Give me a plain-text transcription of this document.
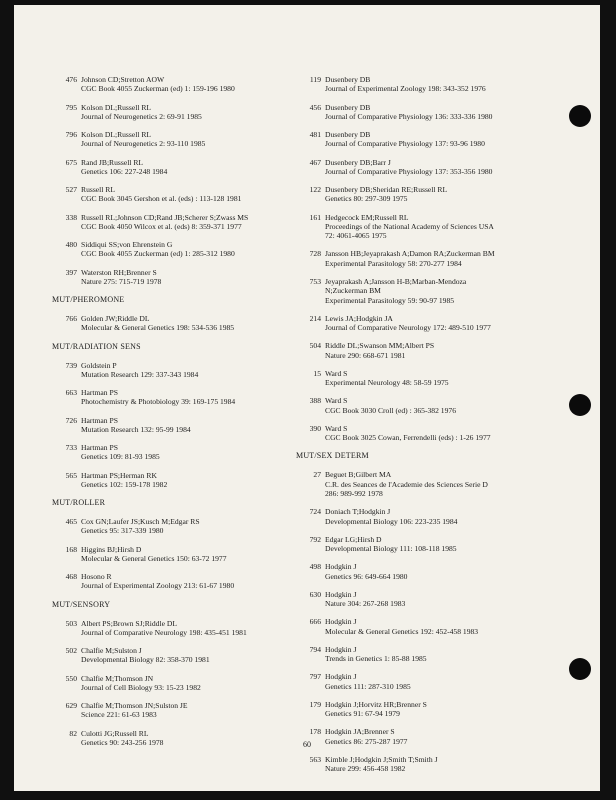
476 Johnson CD;Stretton AOW
CGC Book 4055 Zuckerman (ed) 1: 159-196 1980
795 Kolson DL;Russell RL
Journal of Neurogenetics 2: 69-91 1985
796 Kolson DL;Russell RL
Journal of Neurogenetics 2: 93-110 1985
675 Rand JB;Russell RL
Genetics 106: 227-248 1984
527 Russell RL
CGC Book 3045 Gershon et al. (eds) : 113-128 1981
338 Russell RL;Johnson CD;Rand JB;Scherer S;Zwass MS
CGC Book 4050 Wilcox et al. (eds) 8: 359-371 1977
480 Siddiqui SS;von Ehrenstein G
CGC Book 4055 Zuckerman (ed) 1: 285-312 1980
397 Waterston RH;Brenner S
Nature 275: 715-719 1978
MUT/PHEROMONE
766 Golden JW;Riddle DL
Molecular & General Genetics 198: 534-536 1985
MUT/RADIATION SENS
739 Goldstein P
Mutation Research 129: 337-343 1984
663 Hartman PS
Photochemistry & Photobiology 39: 169-175 1984
726 Hartman PS
Mutation Research 132: 95-99 1984
733 Hartman PS
Genetics 109: 81-93 1985
565 Hartman PS;Herman RK
Genetics 102: 159-178 1982
MUT/ROLLER
465 Cox GN;Laufer JS;Kusch M;Edgar RS
Genetics 95: 317-339 1980
168 Higgins BJ;Hirsh D
Molecular & General Genetics 150: 63-72 1977
468 Hosono R
Journal of Experimental Zoology 213: 61-67 1980
MUT/SENSORY
503 Albert PS;Brown SJ;Riddle DL
Journal of Comparative Neurology 198: 435-451 1981
502 Chalfie M;Sulston J
Developmental Biology 82: 358-370 1981
550 Chalfie M;Thomson JN
Journal of Cell Biology 93: 15-23 1982
629 Chalfie M;Thomson JN;Sulston JE
Science 221: 61-63 1983
82 Culotti JG;Russell RL
Genetics 90: 243-256 1978
119 Dusenbery DB
Journal of Experimental Zoology 198: 343-352 1976
456 Dusenbery DB
Journal of Comparative Physiology 136: 333-336 1980
481 Dusenbery DB
Journal of Comparative Physiology 137: 93-96 1980
467 Dusenbery DB;Barr J
Journal of Comparative Physiology 137: 353-356 1980
122 Dusenbery DB;Sheridan RE;Russell RL
Genetics 80: 297-309 1975
161 Hedgecock EM;Russell RL
Proceedings of the National Academy of Sciences USA
72: 4061-4065 1975
728 Jansson HB;Jeyaprakash A;Damon RA;Zuckerman BM
Experimental Parasitology 58: 270-277 1984
753 Jeyaprakash A;Jansson H-B;Marban-Mendoza
N;Zuckerman BM
Experimental Parasitology 59: 90-97 1985
214 Lewis JA;Hodgkin JA
Journal of Comparative Neurology 172: 489-510 1977
504 Riddle DL;Swanson MM;Albert PS
Nature 290: 668-671 1981
15 Ward S
Experimental Neurology 48: 58-59 1975
388 Ward S
CGC Book 3030 Croll (ed) : 365-382 1976
390 Ward S
CGC Book 3025 Cowan, Ferrendelli (eds) : 1-26 1977
MUT/SEX DETERM
27 Beguet B;Gilbert MA
C.R. des Seances de l'Academie des Sciences Serie D
286: 989-992 1978
724 Doniach T;Hodgkin J
Developmental Biology 106: 223-235 1984
792 Edgar LG;Hirsh D
Developmental Biology 111: 108-118 1985
498 Hodgkin J
Genetics 96: 649-664 1980
630 Hodgkin J
Nature 304: 267-268 1983
666 Hodgkin J
Molecular & General Genetics 192: 452-458 1983
794 Hodgkin J
Trends in Genetics 1: 85-88 1985
797 Hodgkin J
Genetics 111: 287-310 1985
179 Hodgkin J;Horvitz HR;Brenner S
Genetics 91: 67-94 1979
178 Hodgkin JA;Brenner S
Genetics 86: 275-287 1977
563 Kimble J;Hodgkin J;Smith T;Smith J
Nature 299: 456-458 1982
60
